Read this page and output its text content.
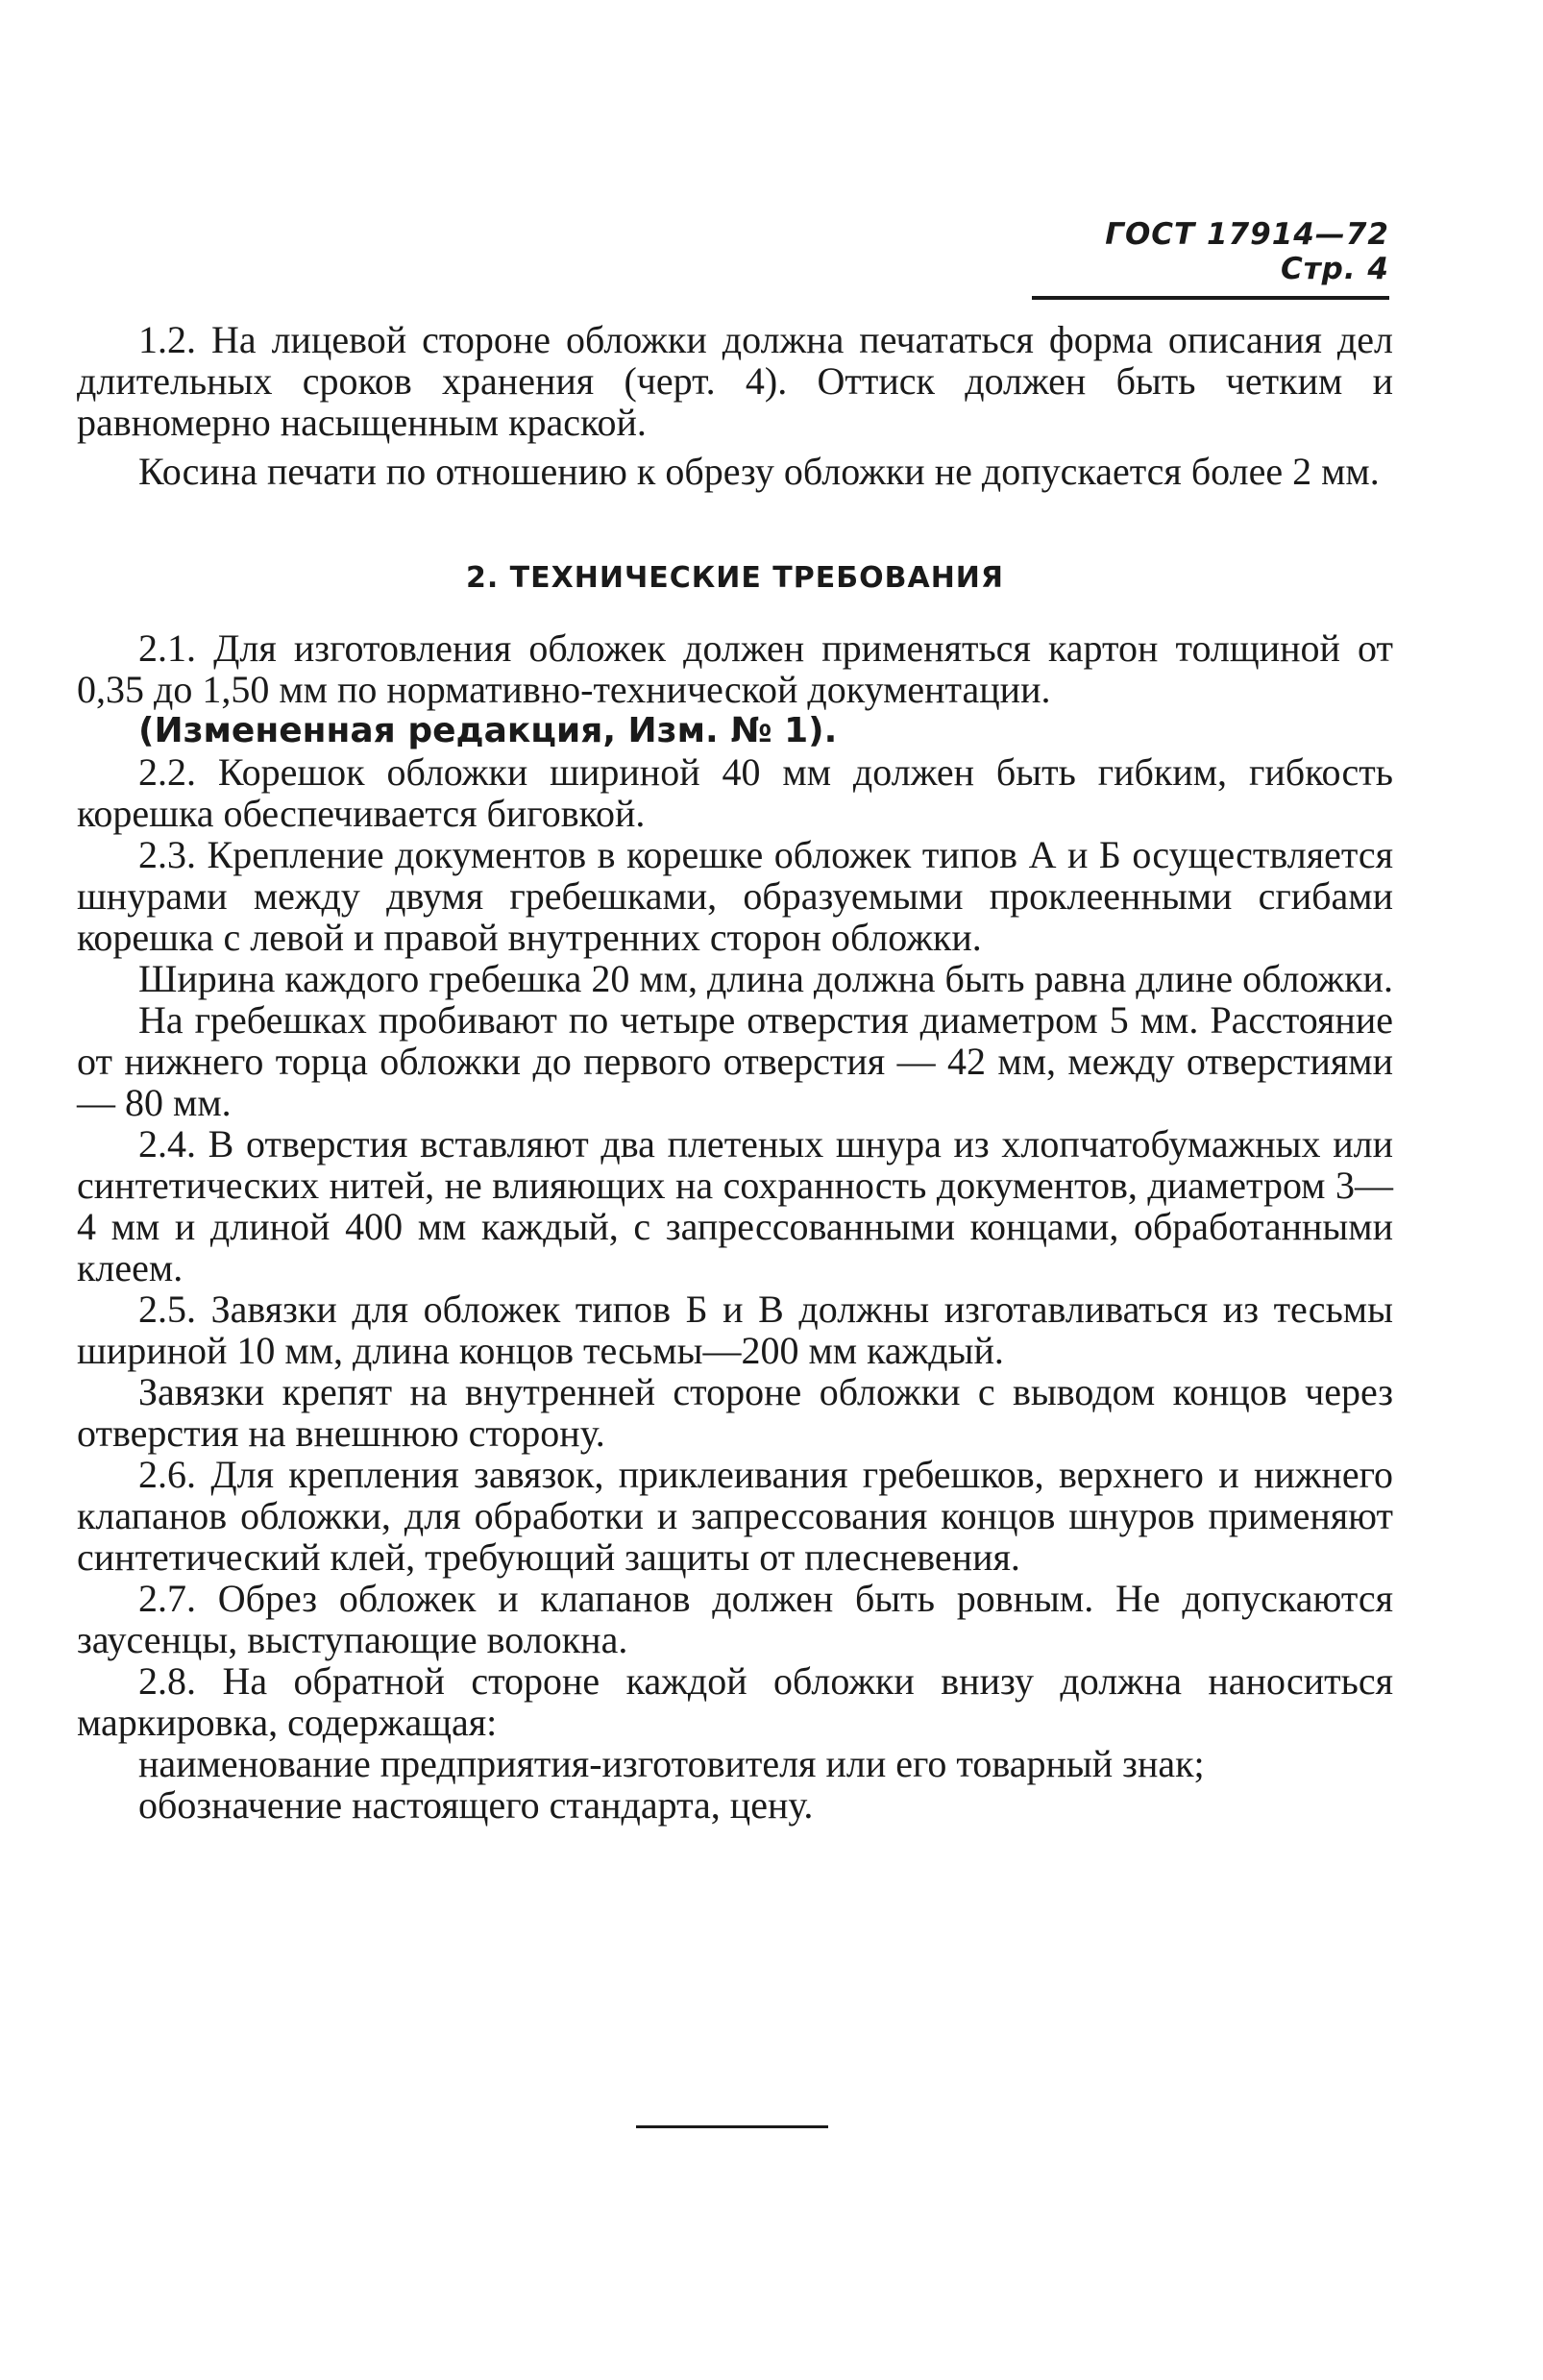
ГОСТ 17914—72 Стр. 4

1.2. На лицевой стороне обложки должна печататься форма описания дел длительных сроков хранения (черт. 4). Оттиск должен быть четким и равномерно насыщенным краской.

Косина печати по отношению к обрезу обложки не допускается более 2 мм.

2. ТЕХНИЧЕСКИЕ ТРЕБОВАНИЯ

2.1. Для изготовления обложек должен применяться картон толщиной от 0,35 до 1,50 мм по нормативно-технической документации.

(Измененная редакция, Изм. № 1).

2.2. Корешок обложки шириной 40 мм должен быть гибким, гибкость корешка обеспечивается биговкой.

2.3. Крепление документов в корешке обложек типов А и Б осуществляется шнурами между двумя гребешками, образуемыми проклеенными сгибами корешка с левой и правой внутренних сторон обложки.

Ширина каждого гребешка 20 мм, длина должна быть равна длине обложки.

На гребешках пробивают по четыре отверстия диаметром 5 мм. Расстояние от нижнего торца обложки до первого отверстия — 42 мм, между отверстиями — 80 мм.

2.4. В отверстия вставляют два плетеных шнура из хлопчатобумажных или синтетических нитей, не влияющих на сохранность документов, диаметром 3—4 мм и длиной 400 мм каждый, с запрессованными концами, обработанными клеем.

2.5. Завязки для обложек типов Б и В должны изготавливаться из тесьмы шириной 10 мм, длина концов тесьмы—200 мм каждый.

Завязки крепят на внутренней стороне обложки с выводом концов через отверстия на внешнюю сторону.

2.6. Для крепления завязок, приклеивания гребешков, верхнего и нижнего клапанов обложки, для обработки и запрессования концов шнуров применяют синтетический клей, требующий защиты от плесневения.

2.7. Обрез обложек и клапанов должен быть ровным. Не допускаются заусенцы, выступающие волокна.

2.8. На обратной стороне каждой обложки внизу должна наноситься маркировка, содержащая:

наименование предприятия-изготовителя или его товарный знак;

обозначение настоящего стандарта, цену.
